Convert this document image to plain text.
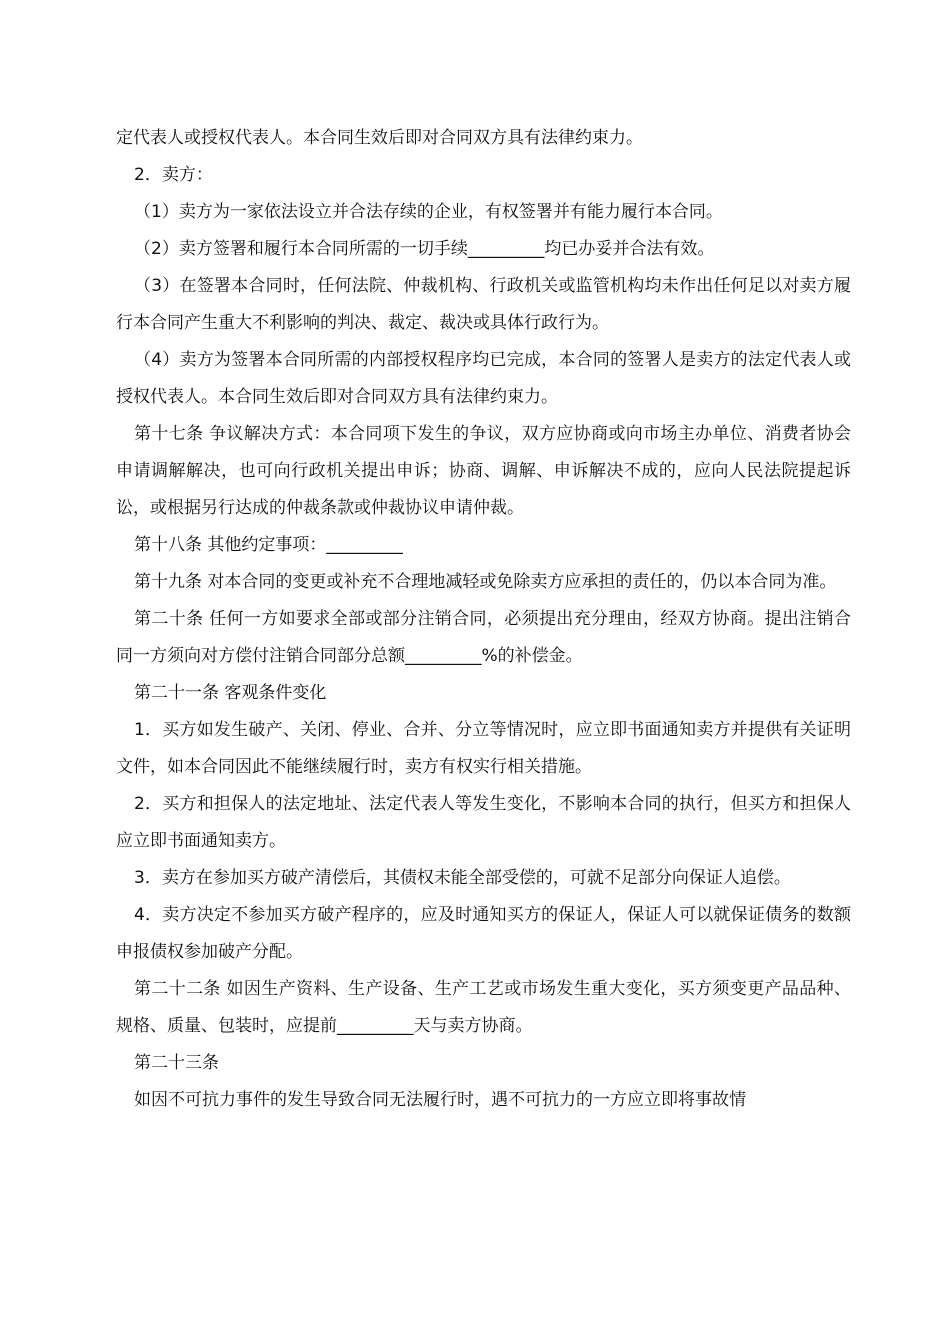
定代表人或授权代表人。本合同生效后即对合同双方具有法律约束力。

2．卖方：

（1）卖方为一家依法设立并合法存续的企业，有权签署并有能力履行本合同。

（2）卖方签署和履行本合同所需的一切手续_________均已办妥并合法有效。

（3）在签署本合同时，任何法院、仲裁机构、行政机关或监管机构均未作出任何足以对卖方履行本合同产生重大不利影响的判决、裁定、裁决或具体行政行为。

（4）卖方为签署本合同所需的内部授权程序均已完成，本合同的签署人是卖方的法定代表人或授权代表人。本合同生效后即对合同双方具有法律约束力。

第十七条 争议解决方式：本合同项下发生的争议，双方应协商或向市场主办单位、消费者协会申请调解解决，也可向行政机关提出申诉；协商、调解、申诉解决不成的，应向人民法院提起诉讼，或根据另行达成的仲裁条款或仲裁协议申请仲裁。

第十八条 其他约定事项：_________

第十九条 对本合同的变更或补充不合理地减轻或免除卖方应承担的责任的，仍以本合同为准。

第二十条 任何一方如要求全部或部分注销合同，必须提出充分理由，经双方协商。提出注销合同一方须向对方偿付注销合同部分总额_________%的补偿金。

第二十一条 客观条件变化

1．买方如发生破产、关闭、停业、合并、分立等情况时，应立即书面通知卖方并提供有关证明文件，如本合同因此不能继续履行时，卖方有权实行相关措施。

2．买方和担保人的法定地址、法定代表人等发生变化，不影响本合同的执行，但买方和担保人应立即书面通知卖方。

3．卖方在参加买方破产清偿后，其债权未能全部受偿的，可就不足部分向保证人追偿。

4．卖方决定不参加买方破产程序的，应及时通知买方的保证人，保证人可以就保证债务的数额申报债权参加破产分配。

第二十二条 如因生产资料、生产设备、生产工艺或市场发生重大变化，买方须变更产品品种、规格、质量、包装时，应提前_________天与卖方协商。

第二十三条

如因不可抗力事件的发生导致合同无法履行时，遇不可抗力的一方应立即将事故情
